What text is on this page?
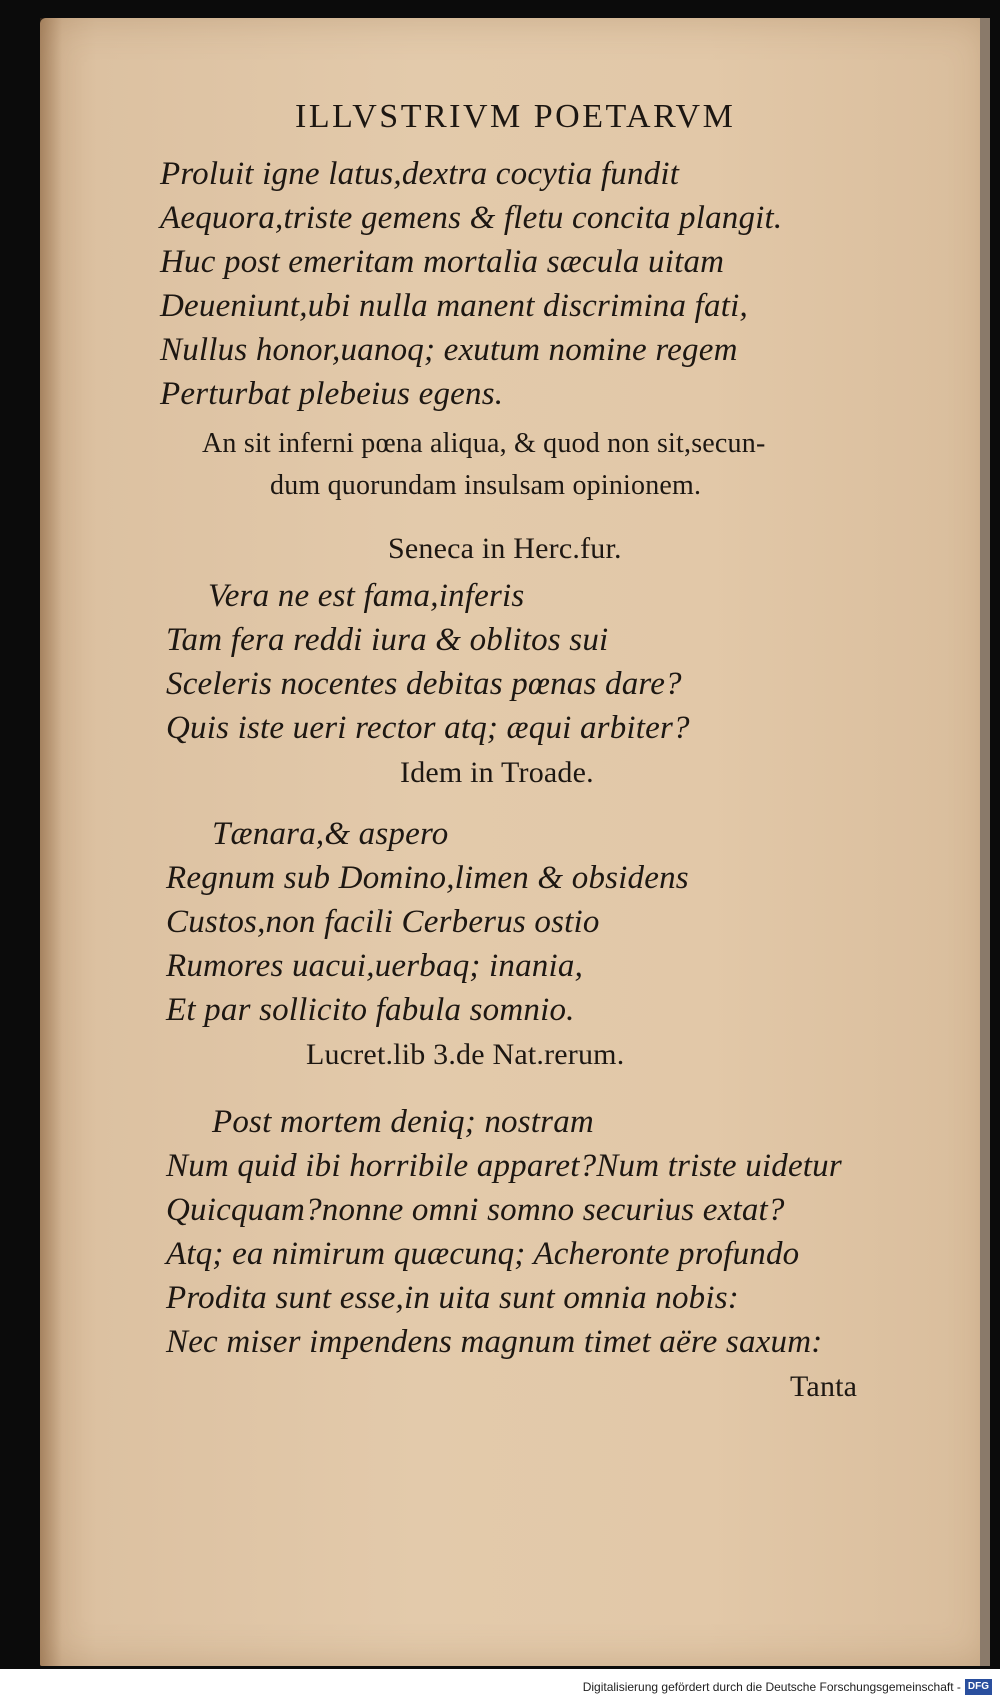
ILLVSTRIVM POETARVM
Proluit igne latus,dextra cocytia fundit
Aequora,triste gemens & fletu concita plangit.
Huc post emeritam mortalia sæcula uitam
Deueniunt,ubi nulla manent discrimina fati,
Nullus honor,uanoq; exutum nomine regem
Perturbat plebeius egens.
An sit inferni pœna aliqua, & quod non sit,secun-
dum quorundam insulsam opinionem.
Seneca in Herc.fur.
Vera ne est fama,inferis
Tam fera reddi iura & oblitos sui
Sceleris nocentes debitas pœnas dare?
Quis iste ueri rector atq; æqui arbiter?
Idem in Troade.
Tænara,& aspero
Regnum sub Domino,limen & obsidens
Custos,non facili Cerberus ostio
Rumores uacui,uerbaq; inania,
Et par sollicito fabula somnio.
Lucret.lib 3.de Nat.rerum.
Post mortem deniq; nostram
Num quid ibi horribile apparet?Num triste uidetur
Quicquam?nonne omni somno securius extat?
Atq; ea nimirum quæcunq; Acheronte profundo
Prodita sunt esse,in uita sunt omnia nobis:
Nec miser impendens magnum timet aëre saxum:
Tanta
Digitalisierung gefördert durch die Deutsche Forschungsgemeinschaft - DFG
